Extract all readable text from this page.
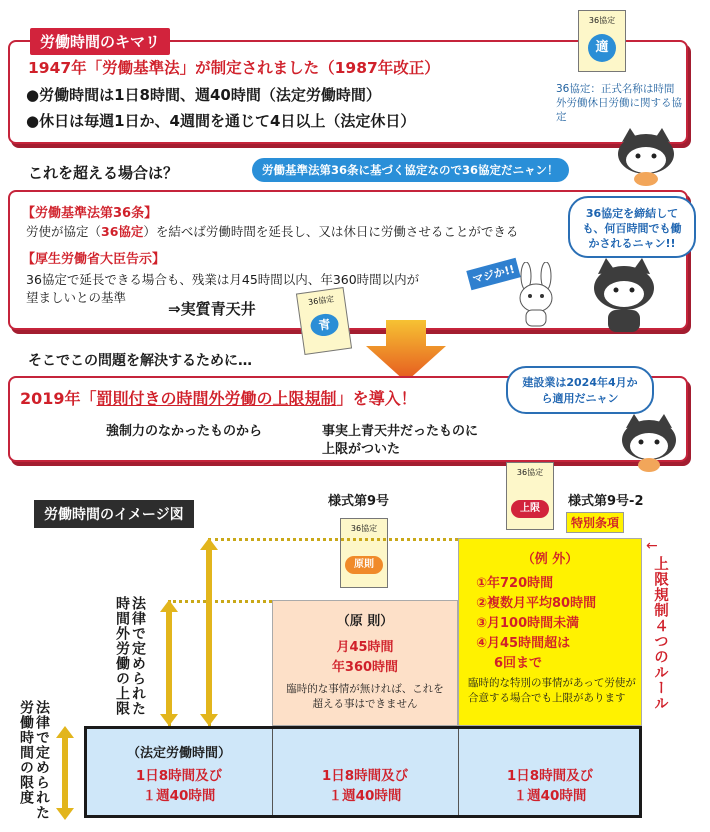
労働時間のキマリ
1947年「労働基準法」が制定されました（1987年改正）
●労働時間は1日8時間、週40時間（法定労働時間）
●休日は毎週1日か、4週間を通じて4日以上（法定休日）
36協定
適
36協定：正式名称は時間外労働休日労働に関する協定
これを超える場合は？	労働基準法第36条に基づく協定なので36協定だニャン！
【労働基準法第36条】
労使が協定（36協定）を結べば労働時間を延長し、又は休日に労働させることができる
【厚生労働省大臣告示】
36協定で延長できる場合も、残業は月45時間以内、年360時間以内が
望ましいとの基準
⇒実質青天井	36協定
青
36協定を締結しても、何百時間でも働かされるニャン!!
マジか!!
そこでこの問題を解決するために…
2019年「罰則付きの時間外労働の上限規制」を導入！
強制力のなかったものから	事実上青天井だったものに
上限がついた
建設業は2024年4月から適用だニャン
労働時間のイメージ図
様式第9号	様式第9号-2
特別条項
36協定
原則
36協定
上限
法律で定められた時間外労働の上限
法律で定められた労働時間の限度
上限規制４つのルール
←
（原 則）
月45時間
年360時間
臨時的な事情が無ければ、これを超える事はできません
（例 外）
①年720時間
②複数月平均80時間
③月100時間未満
④月45時間超は
6回まで
臨時的な特別の事情があって労使が合意する場合でも上限があります
（法定労働時間）
1日8時間及び
１週40時間
1日8時間及び
１週40時間
1日8時間及び
１週40時間
